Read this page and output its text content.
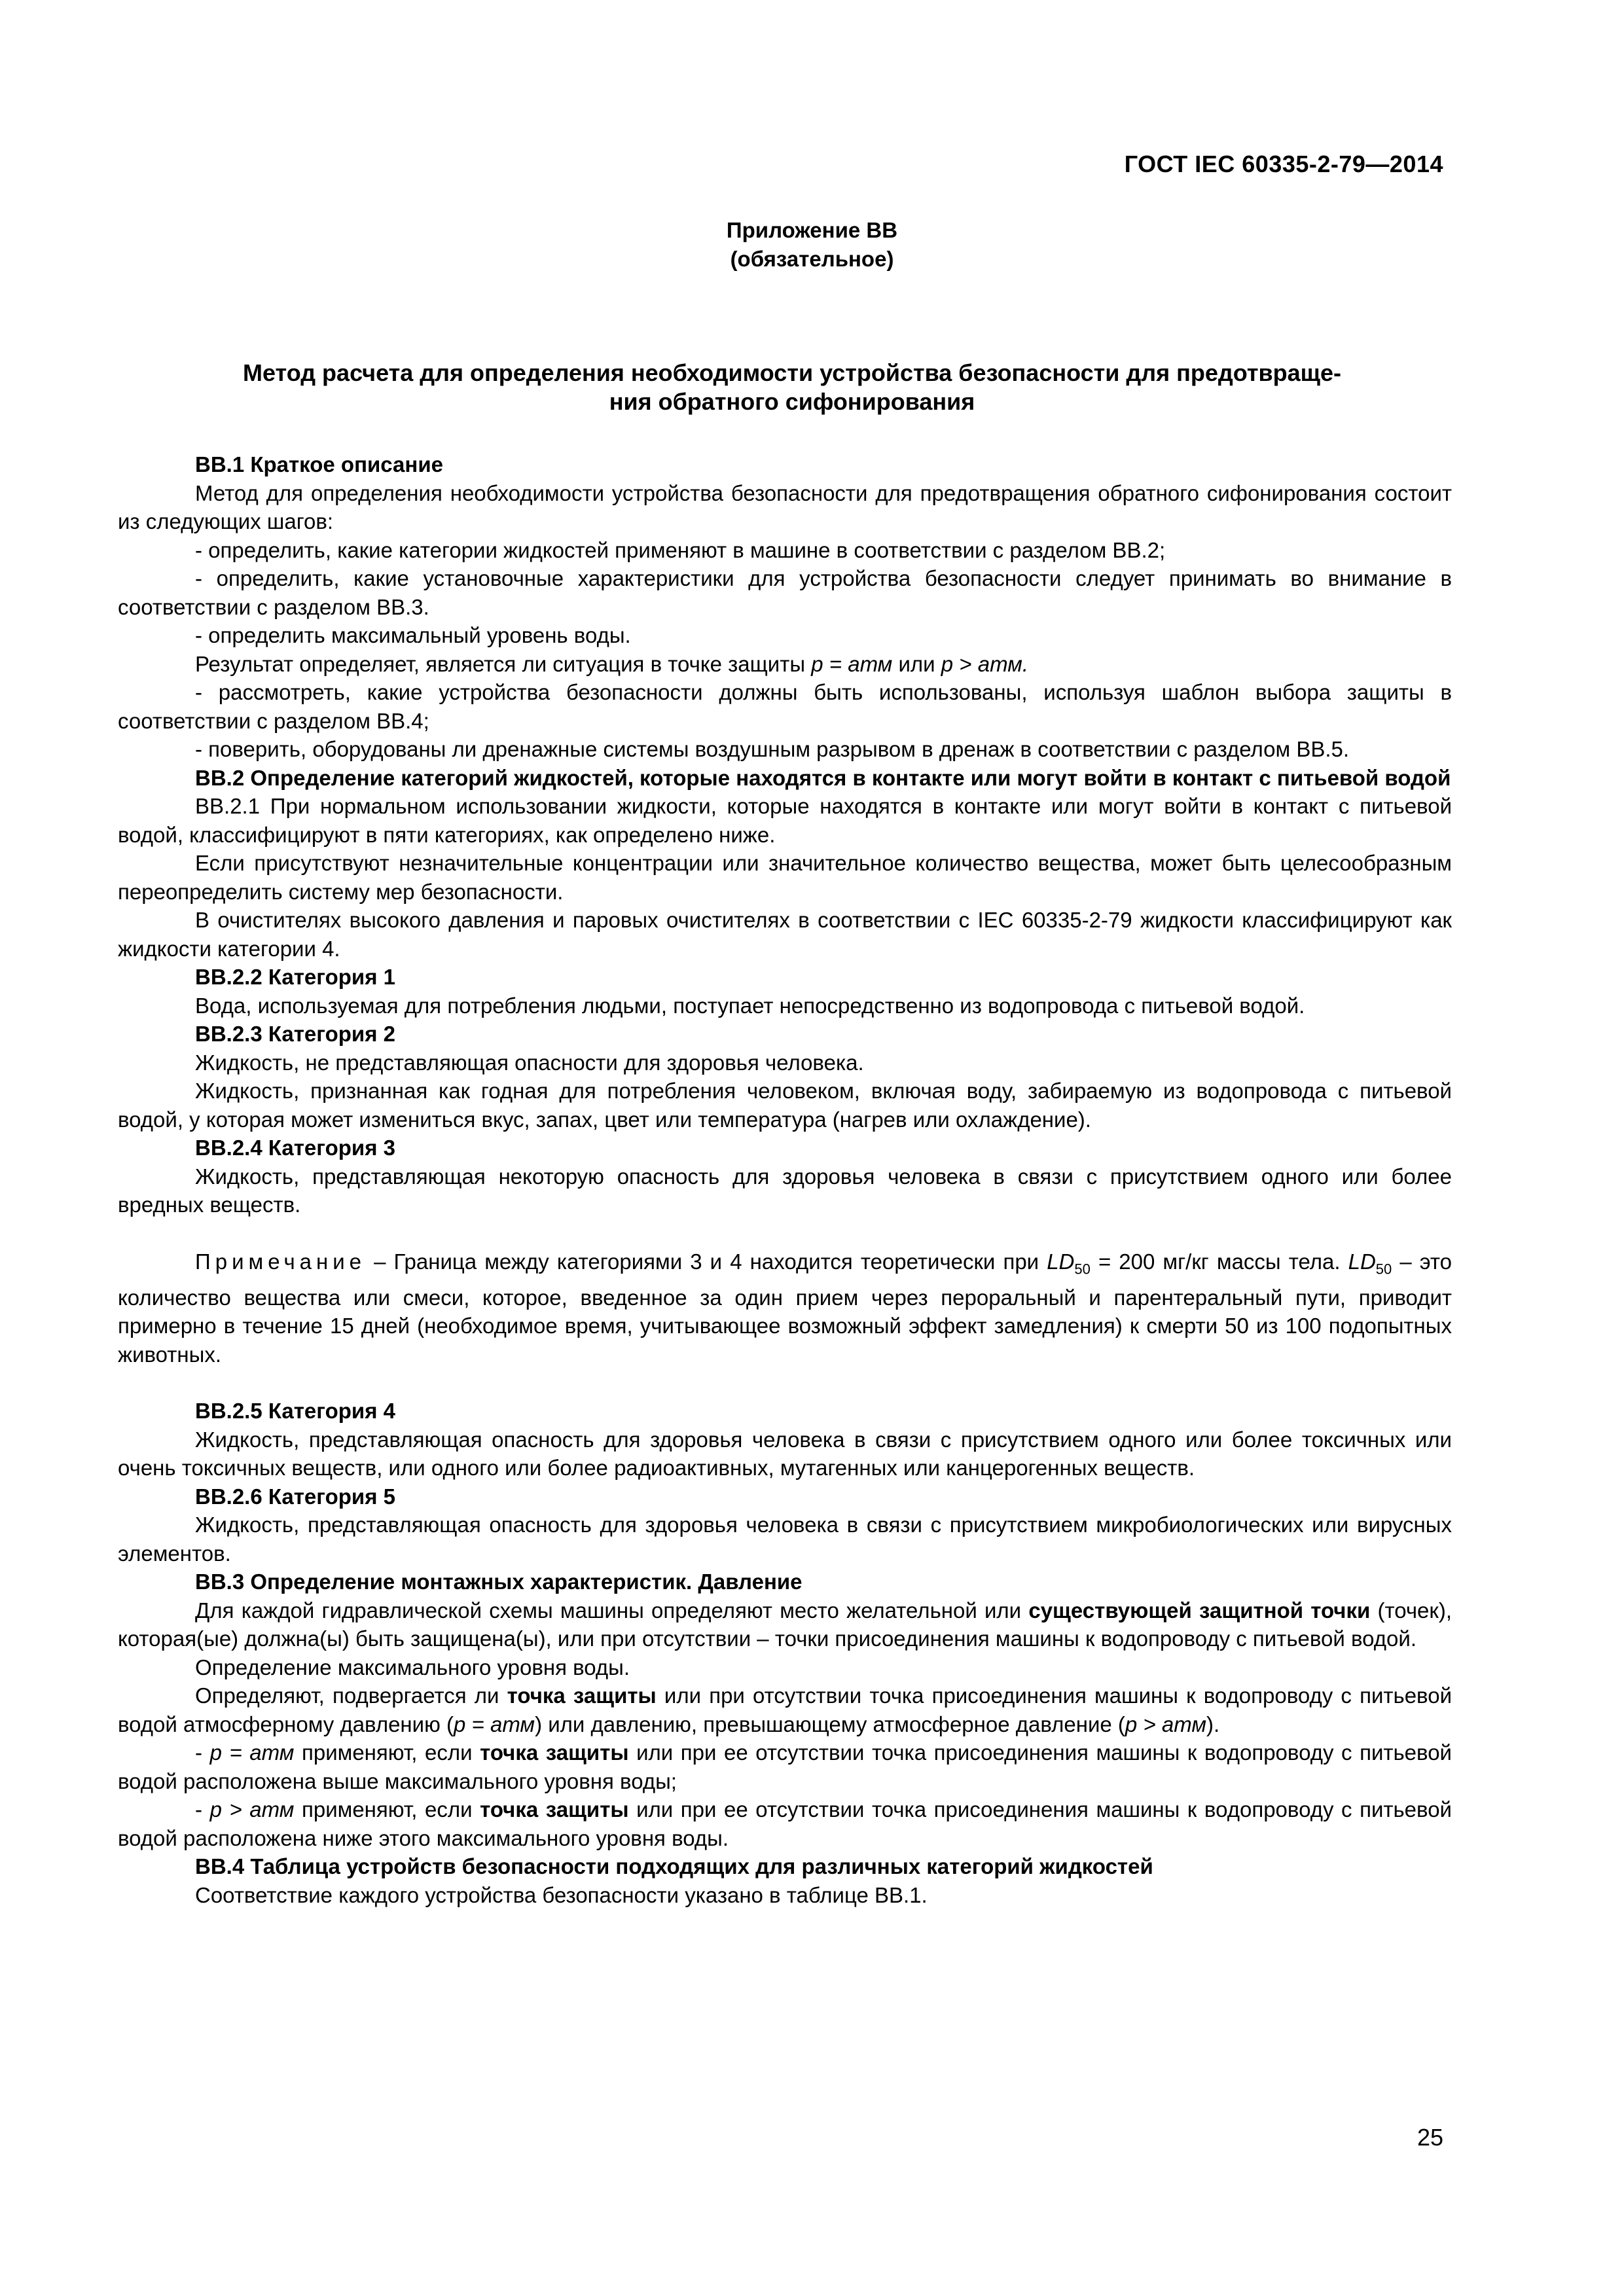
ГОСТ IEC 60335-2-79—2014
Приложение ВВ
(обязательное)
Метод расчета для определения необходимости устройства безопасности для предотвраще-
ния обратного сифонирования

ВВ.1 Краткое описание

Метод для определения необходимости устройства безопасности для предотвращения обратного сифонирования состоит из следующих шагов:

- определить, какие категории жидкостей применяют в машине в соответствии с разделом ВВ.2;

- определить, какие установочные характеристики для устройства безопасности следует принимать во внимание в соответствии с разделом ВВ.3.

- определить максимальный уровень воды.

Результат определяет, является ли ситуация в точке защиты p = атм или p > атм.

- рассмотреть, какие устройства безопасности должны быть использованы, используя шаблон выбора защиты в соответствии с разделом ВВ.4;

- поверить, оборудованы ли дренажные системы воздушным разрывом в дренаж в соответствии с разделом ВВ.5.

ВВ.2 Определение категорий жидкостей, которые находятся в контакте или могут войти в контакт с питьевой водой

ВВ.2.1 При нормальном использовании жидкости, которые находятся в контакте или могут войти в контакт с питьевой водой, классифицируют в пяти категориях, как определено ниже.

Если присутствуют незначительные концентрации или значительное количество вещества, может быть целесообразным переопределить систему мер безопасности.

В очистителях высокого давления и паровых очистителях в соответствии с IEC 60335-2-79 жидкости классифицируют как жидкости категории 4.

ВВ.2.2 Категория 1

Вода, используемая для потребления людьми, поступает непосредственно из водопровода с питьевой водой.

ВВ.2.3 Категория 2

Жидкость, не представляющая опасности для здоровья человека.

Жидкость, признанная как годная для потребления человеком, включая воду, забираемую из водопровода с питьевой водой, у которая может измениться вкус, запах, цвет или температура (нагрев или охлаждение).

ВВ.2.4 Категория 3

Жидкость, представляющая некоторую опасность для здоровья человека в связи с присутствием одного или более вредных веществ.

Примечание – Граница между категориями 3 и 4 находится теоретически при $LD_{50} = 200$ мг/кг массы тела. $LD_{50}$ – это количество вещества или смеси, которое, введенное за один прием через пероральный и парентеральный пути, приводит примерно в течение 15 дней (необходимое время, учитывающее возможный эффект замедления) к смерти 50 из 100 подопытных животных.

ВВ.2.5 Категория 4

Жидкость, представляющая опасность для здоровья человека в связи с присутствием одного или более токсичных или очень токсичных веществ, или одного или более радиоактивных, мутагенных или канцерогенных веществ.

ВВ.2.6 Категория 5

Жидкость, представляющая опасность для здоровья человека в связи с присутствием микробиологических или вирусных элементов.

ВВ.3 Определение монтажных характеристик. Давление

Для каждой гидравлической схемы машины определяют место желательной или существующей защитной точки (точек), которая(ые) должна(ы) быть защищена(ы), или при отсутствии – точки присоединения машины к водопроводу с питьевой водой.

Определение максимального уровня воды.

Определяют, подвергается ли точка защиты или при отсутствии точка присоединения машины к водопроводу с питьевой водой атмосферному давлению (p = атм) или давлению, превышающему атмосферное давление (p > атм).

- p = атм применяют, если точка защиты или при ее отсутствии точка присоединения машины к водопроводу с питьевой водой расположена выше максимального уровня воды;

- p > атм применяют, если точка защиты или при ее отсутствии точка присоединения машины к водопроводу с питьевой водой расположена ниже этого максимального уровня воды.

ВВ.4 Таблица устройств безопасности подходящих для различных категорий жидкостей

Соответствие каждого устройства безопасности указано в таблице ВВ.1.

25
